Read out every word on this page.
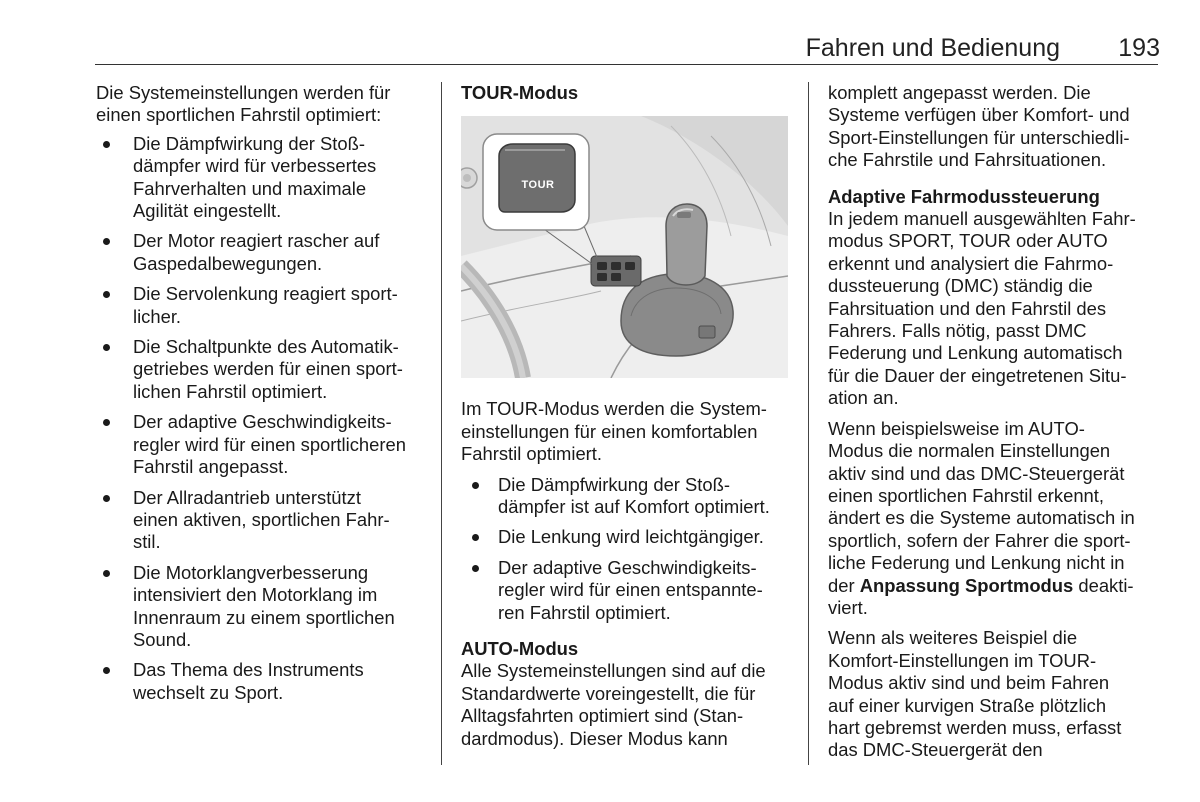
Fahren und Bedienung	193

Die Systemeinstellungen werden für
einen sportlichen Fahrstil optimiert:

Die Dämpfwirkung der Stoß-
dämpfer wird für verbessertes
Fahrverhalten und maximale
Agilität eingestellt.
Der Motor reagiert rascher auf
Gaspedalbewegungen.
Die Servolenkung reagiert sport-
licher.
Die Schaltpunkte des Automatik-
getriebes werden für einen sport-
lichen Fahrstil optimiert.
Der adaptive Geschwindigkeits-
regler wird für einen sportlicheren
Fahrstil angepasst.
Der Allradantrieb unterstützt
einen aktiven, sportlichen Fahr-
stil.
Die Motorklangverbesserung
intensiviert den Motorklang im
Innenraum zu einem sportlichen
Sound.
Das Thema des Instruments
wechselt zu Sport.

TOUR-Modus

TOUR

Im TOUR-Modus werden die System-
einstellungen für einen komfortablen
Fahrstil optimiert.

Die Dämpfwirkung der Stoß-
dämpfer ist auf Komfort optimiert.
Die Lenkung wird leichtgängiger.
Der adaptive Geschwindigkeits-
regler wird für einen entspannte-
ren Fahrstil optimiert.

AUTO-Modus

Alle Systemeinstellungen sind auf die
Standardwerte voreingestellt, die für
Alltagsfahrten optimiert sind (Stan-
dardmodus). Dieser Modus kann

komplett angepasst werden. Die
Systeme verfügen über Komfort- und
Sport-Einstellungen für unterschiedli-
che Fahrstile und Fahrsituationen.

Adaptive Fahrmodussteuerung

In jedem manuell ausgewählten Fahr-
modus SPORT, TOUR oder AUTO
erkennt und analysiert die Fahrmo-
dussteuerung (DMC) ständig die
Fahrsituation und den Fahrstil des
Fahrers. Falls nötig, passt DMC
Federung und Lenkung automatisch
für die Dauer der eingetretenen Situ-
ation an.

Wenn beispielsweise im AUTO-
Modus die normalen Einstellungen
aktiv sind und das DMC-Steuergerät
einen sportlichen Fahrstil erkennt,
ändert es die Systeme automatisch in
sportlich, sofern der Fahrer die sport-
liche Federung und Lenkung nicht in
der Anpassung Sportmodus deakti-
viert.

Wenn als weiteres Beispiel die
Komfort-Einstellungen im TOUR-
Modus aktiv sind und beim Fahren
auf einer kurvigen Straße plötzlich
hart gebremst werden muss, erfasst
das DMC-Steuergerät den
